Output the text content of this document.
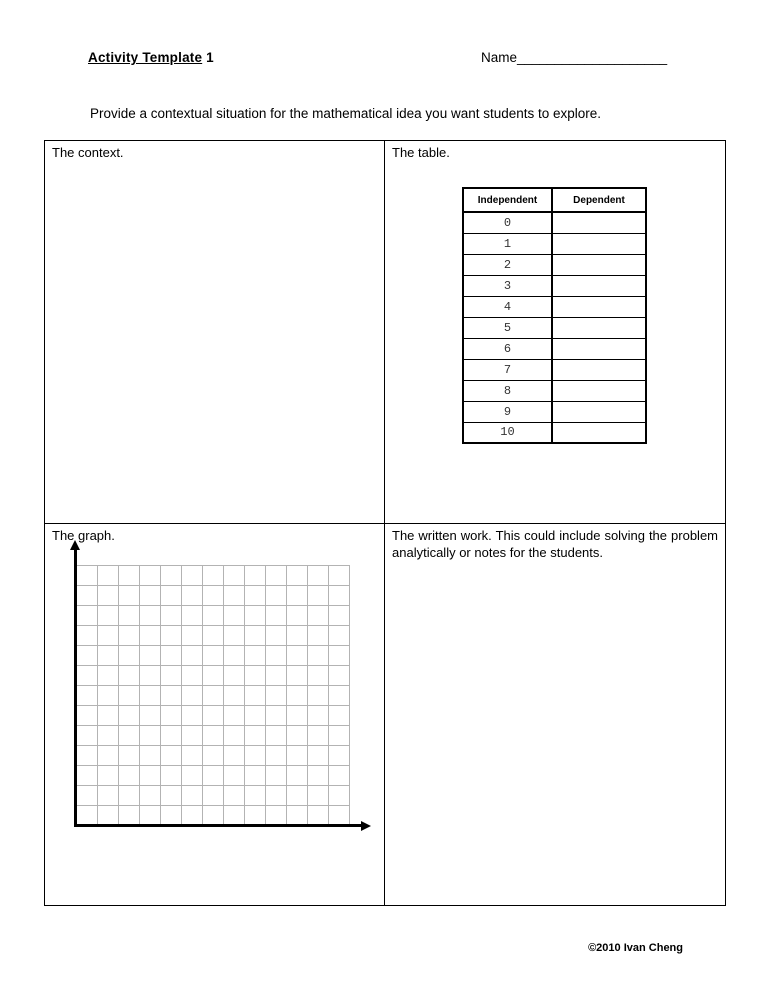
Activity Template 1	Name____________________
Provide a contextual situation for the mathematical idea you want students to explore.
The context.	The table.
Independent	Dependent
0	
1	
2	
3	
4	
5	
6	
7	
8	
9	
10	
The graph.	The written work. This could include solving the problem analytically or notes for the students.

©2010 Ivan Cheng
